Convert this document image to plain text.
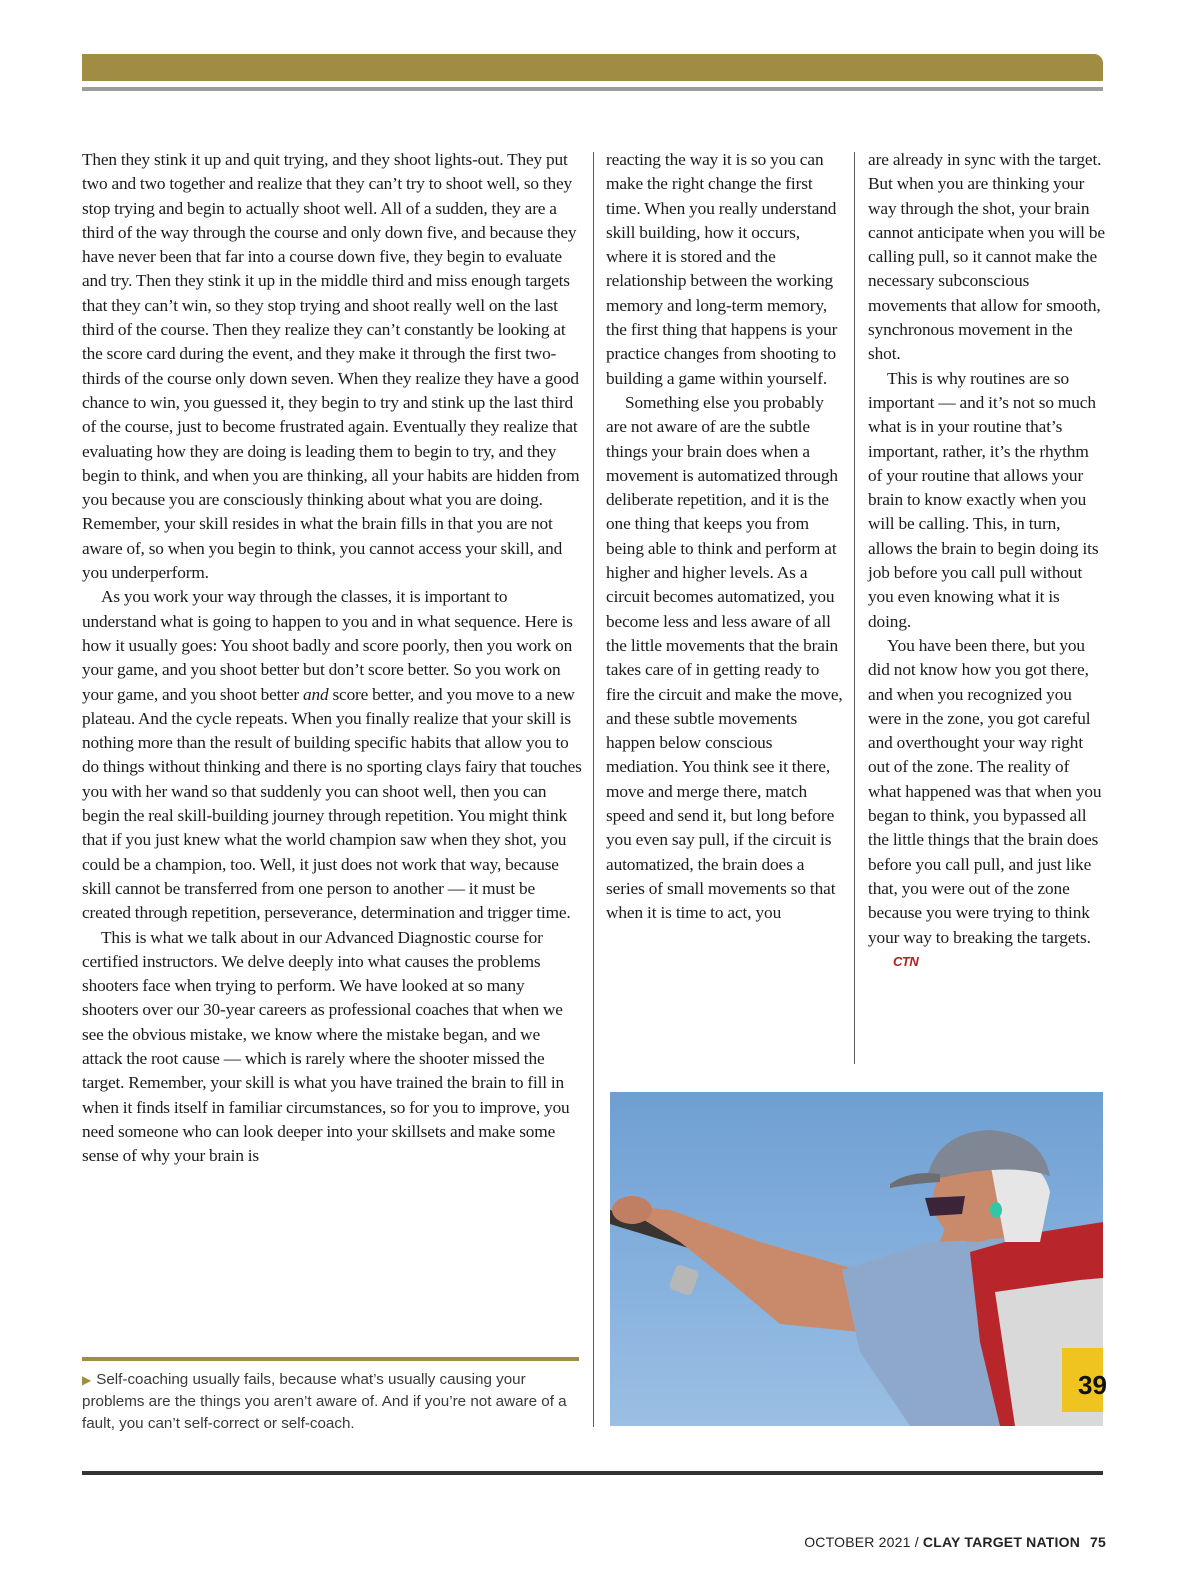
Then they stink it up and quit trying, and they shoot lights-out. They put two and two together and realize that they can’t try to shoot well, so they stop trying and begin to actually shoot well. All of a sudden, they are a third of the way through the course and only down five, and because they have never been that far into a course down five, they begin to evaluate and try. Then they stink it up in the middle third and miss enough targets that they can’t win, so they stop trying and shoot really well on the last third of the course. Then they realize they can’t constantly be looking at the score card during the event, and they make it through the first two-thirds of the course only down seven. When they realize they have a good chance to win, you guessed it, they begin to try and stink up the last third of the course, just to become frustrated again. Eventually they realize that evaluating how they are doing is leading them to begin to try, and they begin to think, and when you are thinking, all your habits are hidden from you because you are consciously thinking about what you are doing. Remember, your skill resides in what the brain fills in that you are not aware of, so when you begin to think, you cannot access your skill, and you underperform.

As you work your way through the classes, it is important to understand what is going to happen to you and in what sequence. Here is how it usually goes: You shoot badly and score poorly, then you work on your game, and you shoot better but don’t score better. So you work on your game, and you shoot better and score better, and you move to a new plateau. And the cycle repeats. When you finally realize that your skill is nothing more than the result of building specific habits that allow you to do things without thinking and there is no sporting clays fairy that touches you with her wand so that suddenly you can shoot well, then you can begin the real skill-building journey through repetition. You might think that if you just knew what the world champion saw when they shot, you could be a champion, too. Well, it just does not work that way, because skill cannot be transferred from one person to another — it must be created through repetition, perseverance, determination and trigger time.

This is what we talk about in our Advanced Diagnostic course for certified instructors. We delve deeply into what causes the problems shooters face when trying to perform. We have looked at so many shooters over our 30-year careers as professional coaches that when we see the obvious mistake, we know where the mistake began, and we attack the root cause — which is rarely where the shooter missed the target. Remember, your skill is what you have trained the brain to fill in when it finds itself in familiar circumstances, so for you to improve, you need someone who can look deeper into your skillsets and make some sense of why your brain is

reacting the way it is so you can make the right change the first time. When you really understand skill building, how it occurs, where it is stored and the relationship between the working memory and long-term memory, the first thing that happens is your practice changes from shooting to building a game within yourself.

Something else you probably are not aware of are the subtle things your brain does when a movement is automatized through deliberate repetition, and it is the one thing that keeps you from being able to think and perform at higher and higher levels. As a circuit becomes automatized, you become less and less aware of all the little movements that the brain takes care of in getting ready to fire the circuit and make the move, and these subtle movements happen below conscious mediation. You think see it there, move and merge there, match speed and send it, but long before you even say pull, if the circuit is automatized, the brain does a series of small movements so that when it is time to act, you

are already in sync with the target. But when you are thinking your way through the shot, your brain cannot anticipate when you will be calling pull, so it cannot make the necessary subconscious movements that allow for smooth, synchronous movement in the shot.

This is why routines are so important — and it’s not so much what is in your routine that’s important, rather, it’s the rhythm of your routine that allows your brain to know exactly when you will be calling. This, in turn, allows the brain to begin doing its job before you call pull without you even knowing what it is doing.

You have been there, but you did not know how you got there, and when you recognized you were in the zone, you got careful and overthought your way right out of the zone. The reality of what happened was that when you began to think, you bypassed all the little things that the brain does before you call pull, and just like that, you were out of the zone because you were trying to think your way to breaking the targets.CTN

39
▶ Self-coaching usually fails, because what’s usually causing your problems are the things you aren’t aware of. And if you’re not aware of a fault, you can’t self-correct or self-coach.
OCTOBER 2021 / CLAY TARGET NATION 75
